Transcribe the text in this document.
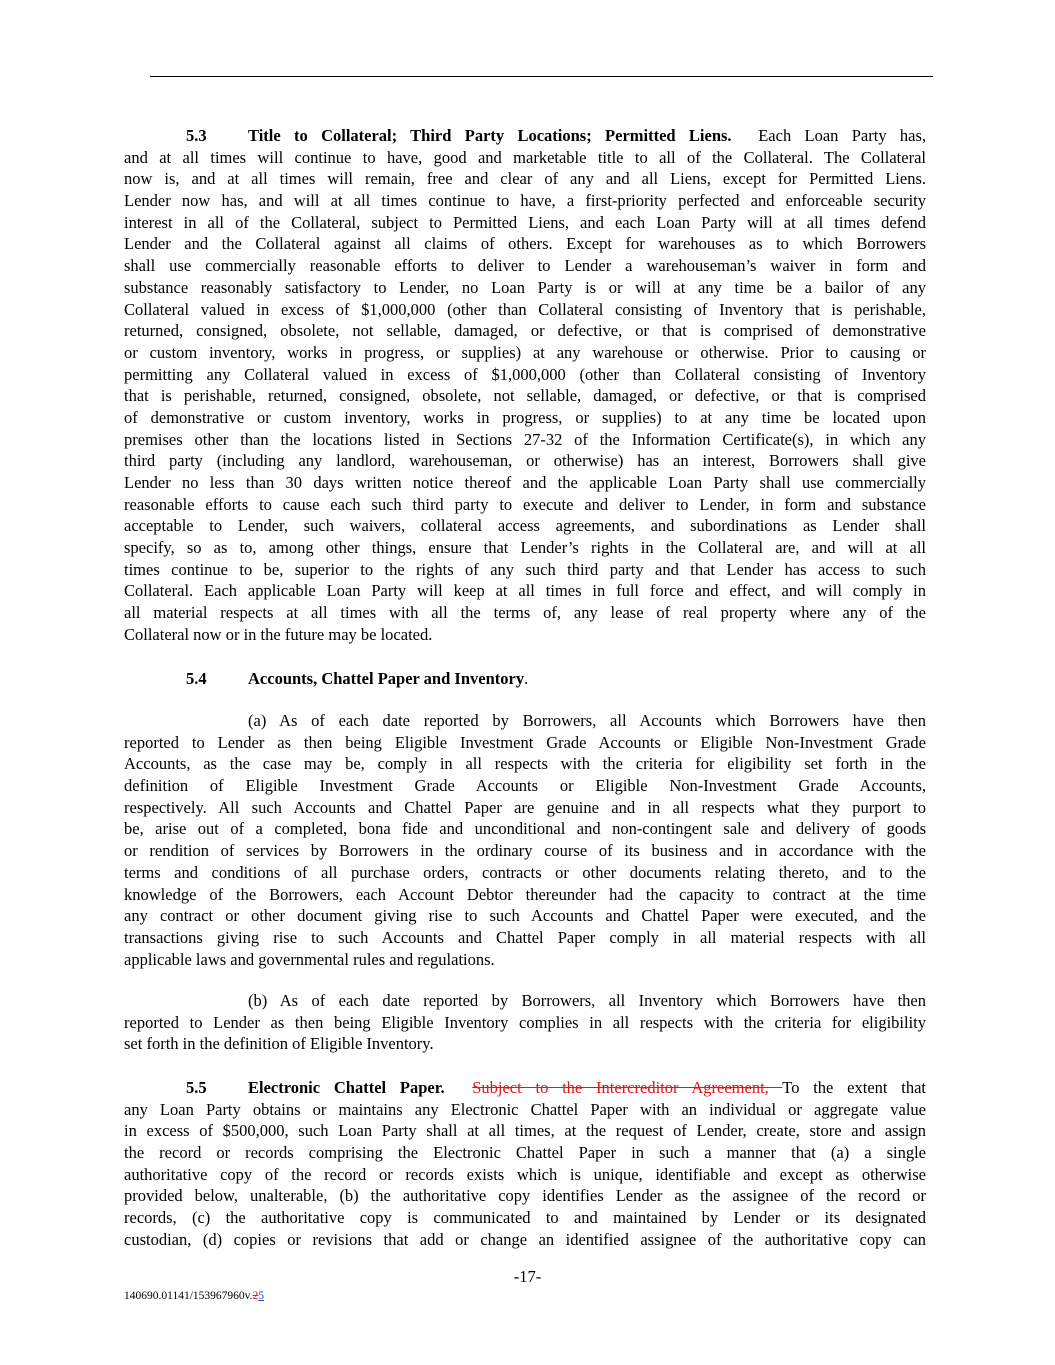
5.3	Title to Collateral; Third Party Locations; Permitted Liens. Each Loan Party has,
and at all times will continue to have, good and marketable title to all of the Collateral. The Collateral
now is, and at all times will remain, free and clear of any and all Liens, except for Permitted Liens.
Lender now has, and will at all times continue to have, a first-priority perfected and enforceable security
interest in all of the Collateral, subject to Permitted Liens, and each Loan Party will at all times defend
Lender and the Collateral against all claims of others. Except for warehouses as to which Borrowers
shall use commercially reasonable efforts to deliver to Lender a warehouseman’s waiver in form and
substance reasonably satisfactory to Lender, no Loan Party is or will at any time be a bailor of any
Collateral valued in excess of $1,000,000 (other than Collateral consisting of Inventory that is perishable,
returned, consigned, obsolete, not sellable, damaged, or defective, or that is comprised of demonstrative
or custom inventory, works in progress, or supplies) at any warehouse or otherwise. Prior to causing or
permitting any Collateral valued in excess of $1,000,000 (other than Collateral consisting of Inventory
that is perishable, returned, consigned, obsolete, not sellable, damaged, or defective, or that is comprised
of demonstrative or custom inventory, works in progress, or supplies) to at any time be located upon
premises other than the locations listed in Sections 27-32 of the Information Certificate(s), in which any
third party (including any landlord, warehouseman, or otherwise) has an interest, Borrowers shall give
Lender no less than 30 days written notice thereof and the applicable Loan Party shall use commercially
reasonable efforts to cause each such third party to execute and deliver to Lender, in form and substance
acceptable to Lender, such waivers, collateral access agreements, and subordinations as Lender shall
specify, so as to, among other things, ensure that Lender’s rights in the Collateral are, and will at all
times continue to be, superior to the rights of any such third party and that Lender has access to such
Collateral. Each applicable Loan Party will keep at all times in full force and effect, and will comply in
all material respects at all times with all the terms of, any lease of real property where any of the
Collateral now or in the future may be located.
5.4	Accounts, Chattel Paper and Inventory.
(a) As of each date reported by Borrowers, all Accounts which Borrowers have then
reported to Lender as then being Eligible Investment Grade Accounts or Eligible Non-Investment Grade
Accounts, as the case may be, comply in all respects with the criteria for eligibility set forth in the
definition of Eligible Investment Grade Accounts or Eligible Non-Investment Grade Accounts,
respectively. All such Accounts and Chattel Paper are genuine and in all respects what they purport to
be, arise out of a completed, bona fide and unconditional and non-contingent sale and delivery of goods
or rendition of services by Borrowers in the ordinary course of its business and in accordance with the
terms and conditions of all purchase orders, contracts or other documents relating thereto, and to the
knowledge of the Borrowers, each Account Debtor thereunder had the capacity to contract at the time
any contract or other document giving rise to such Accounts and Chattel Paper were executed, and the
transactions giving rise to such Accounts and Chattel Paper comply in all material respects with all
applicable laws and governmental rules and regulations.
(b) As of each date reported by Borrowers, all Inventory which Borrowers have then
reported to Lender as then being Eligible Inventory complies in all respects with the criteria for eligibility
set forth in the definition of Eligible Inventory.
5.5	Electronic Chattel Paper. Subject to the Intercreditor Agreement, To the extent that
any Loan Party obtains or maintains any Electronic Chattel Paper with an individual or aggregate value
in excess of $500,000, such Loan Party shall at all times, at the request of Lender, create, store and assign
the record or records comprising the Electronic Chattel Paper in such a manner that (a) a single
authoritative copy of the record or records exists which is unique, identifiable and except as otherwise
provided below, unalterable, (b) the authoritative copy identifies Lender as the assignee of the record or
records, (c) the authoritative copy is communicated to and maintained by Lender or its designated
custodian, (d) copies or revisions that add or change an identified assignee of the authoritative copy can
-17-
140690.01141/153967960v.25
